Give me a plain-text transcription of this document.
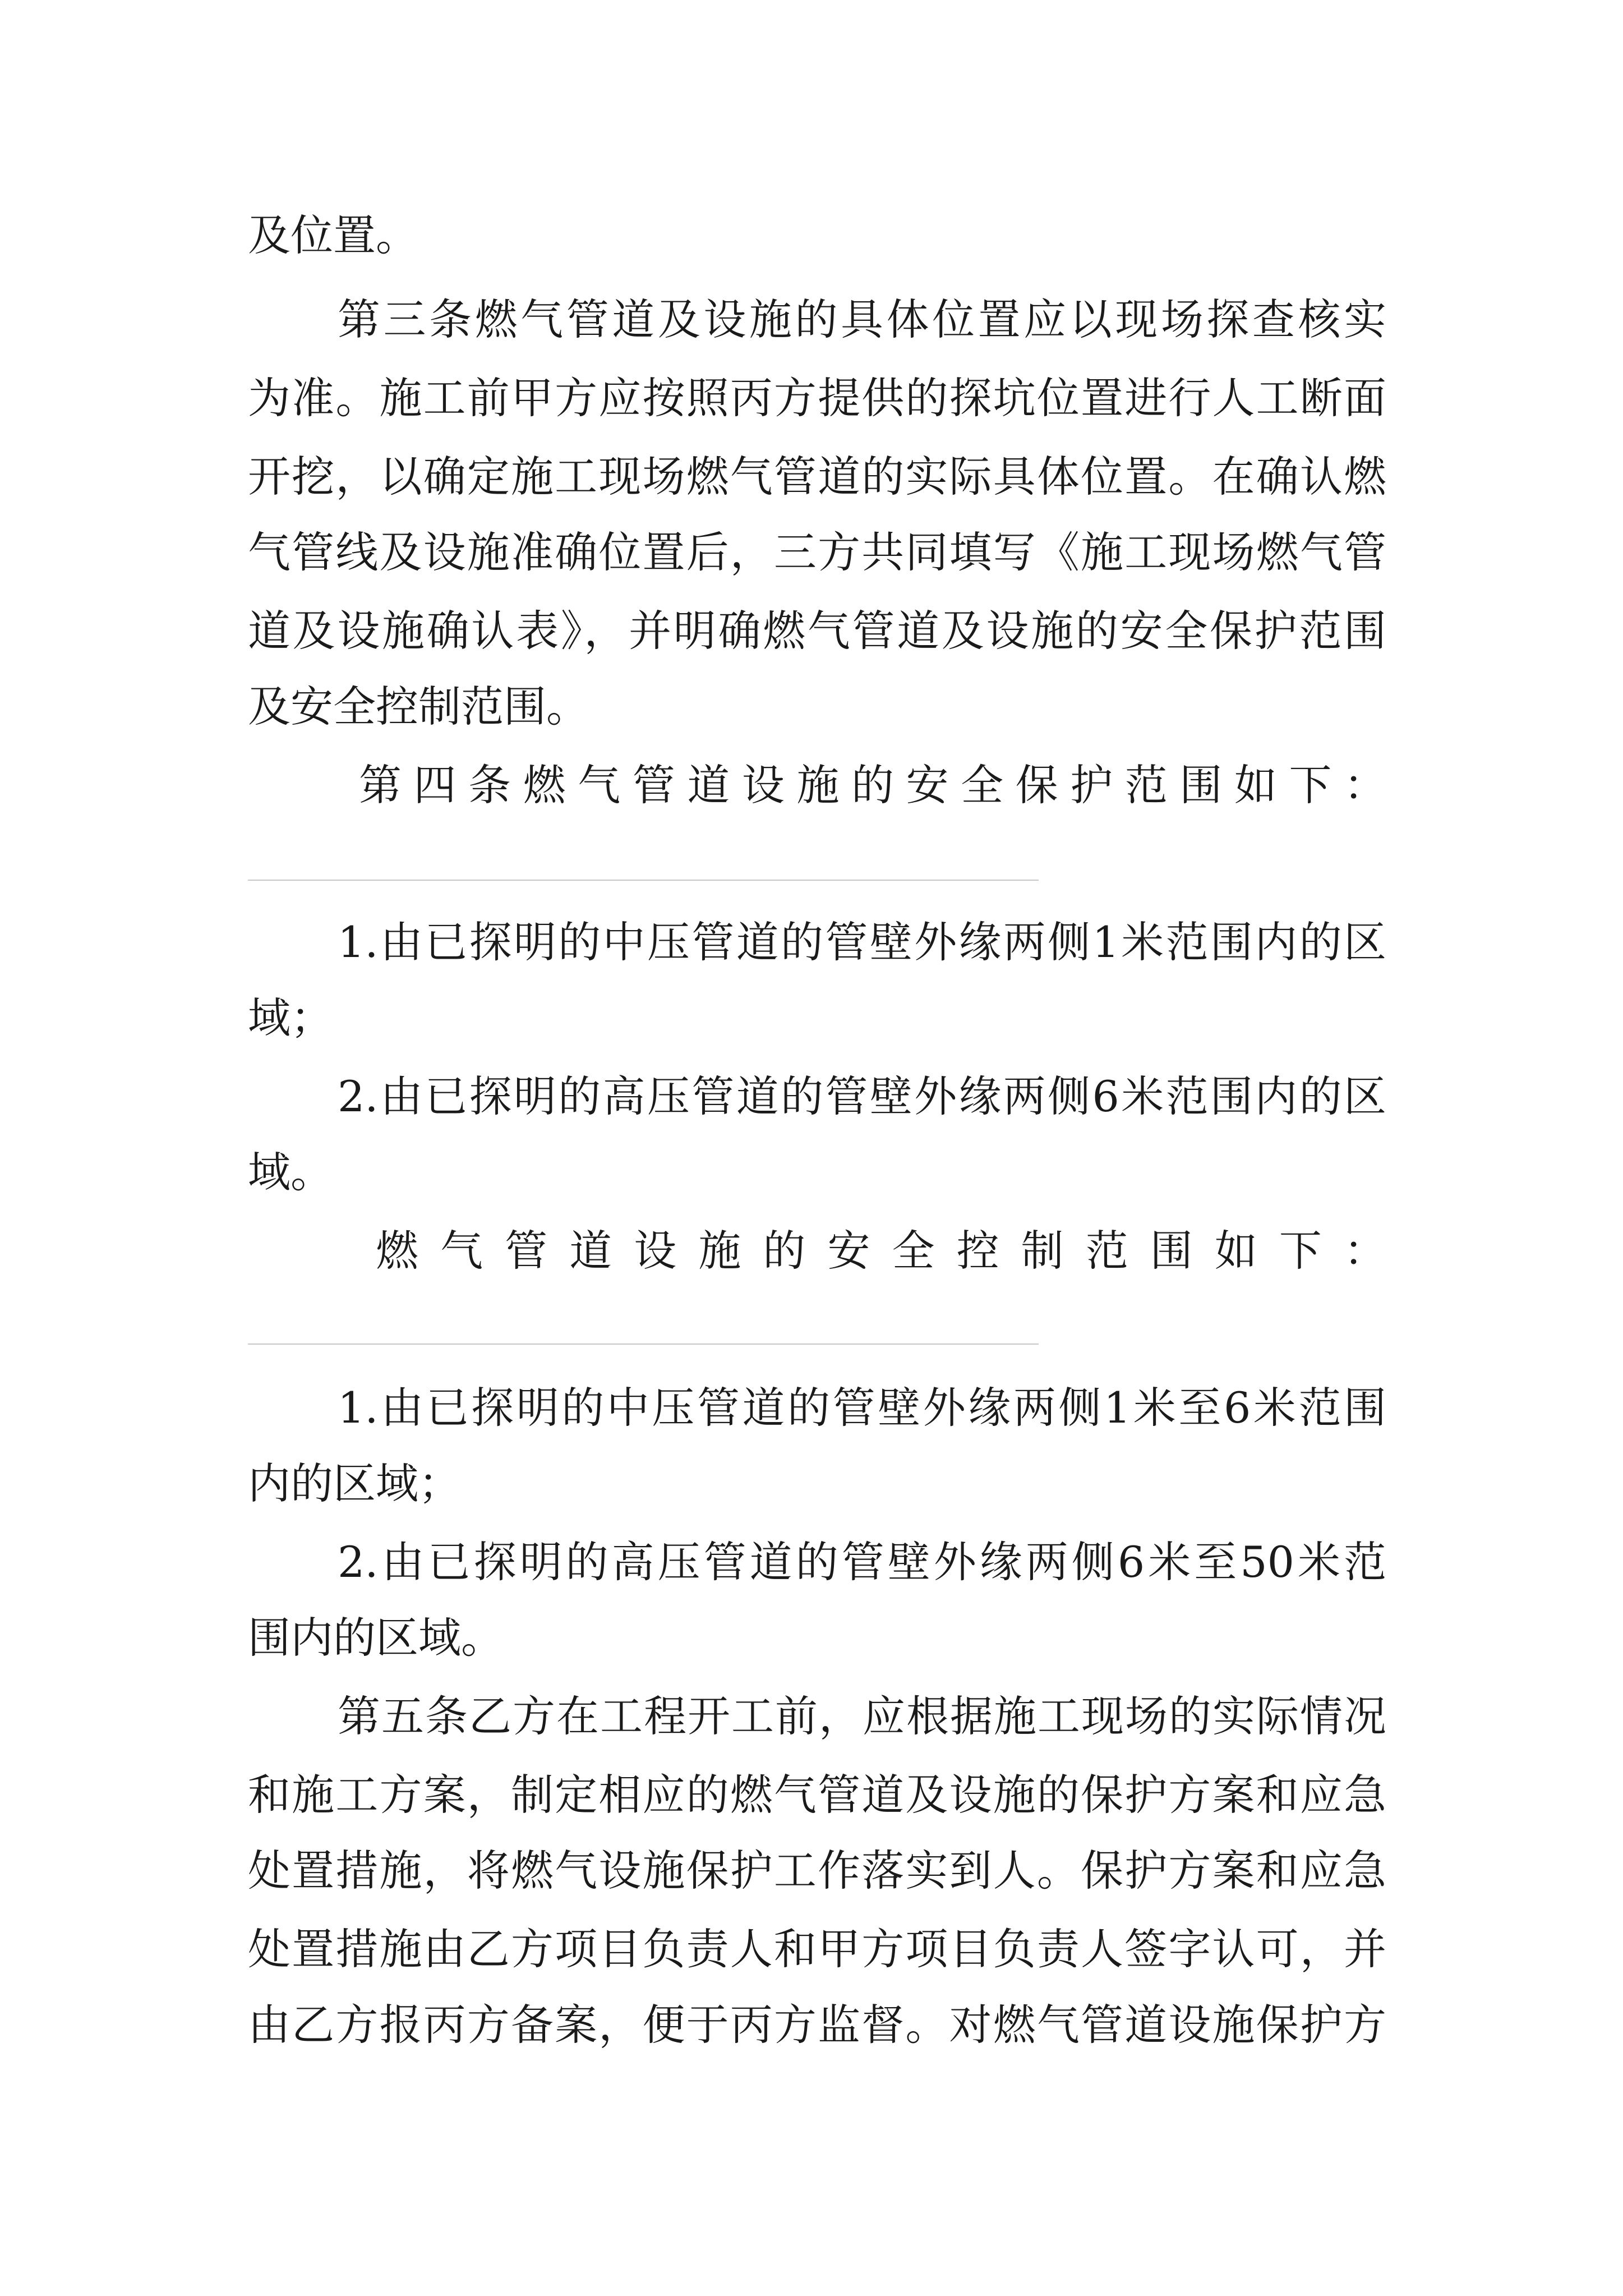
及位置。
第三条燃气管道及设施的具体位置应以现场探查核实
为准。施工前甲方应按照丙方提供的探坑位置进行人工断面
开挖，以确定施工现场燃气管道的实际具体位置。在确认燃
气管线及设施准确位置后，三方共同填写《施工现场燃气管
道及设施确认表》，并明确燃气管道及设施的安全保护范围
及安全控制范围。
第四条燃气管道设施的安全保护范围如下：
1.由已探明的中压管道的管壁外缘两侧1米范围内的区
域；
2.由已探明的高压管道的管壁外缘两侧6米范围内的区
域。
燃气管道设施的安全控制范围如下：
1.由已探明的中压管道的管壁外缘两侧1米至6米范围
内的区域；
2.由已探明的高压管道的管壁外缘两侧6米至50米范
围内的区域。
第五条乙方在工程开工前，应根据施工现场的实际情况
和施工方案，制定相应的燃气管道及设施的保护方案和应急
处置措施，将燃气设施保护工作落实到人。保护方案和应急
处置措施由乙方项目负责人和甲方项目负责人签字认可，并
由乙方报丙方备案，便于丙方监督。对燃气管道设施保护方
